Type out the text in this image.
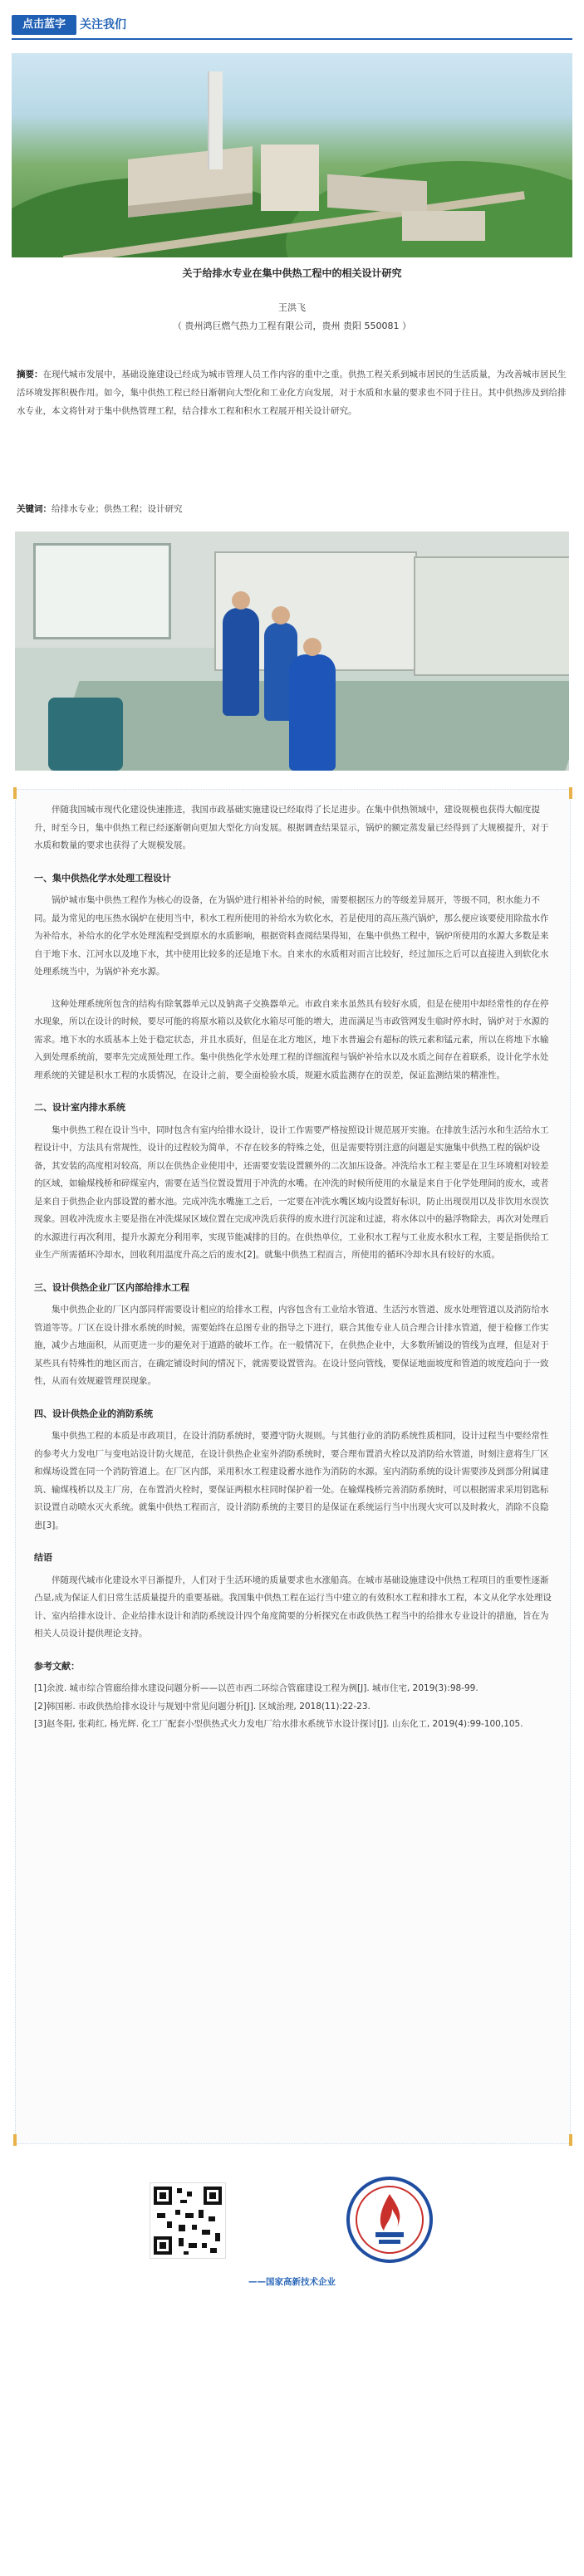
点击蓝字	关注我们
关于给排水专业在集中供热工程中的相关设计研究
王洪飞
（ 贵州鸿巨燃气热力工程有限公司，贵州 贵阳 550081 ）
摘要：在现代城市发展中，基础设施建设已经成为城市管理人员工作内容的重中之重。供热工程关系到城市居民的生活质量，为改善城市居民生活环境发挥积极作用。如今，集中供热工程已经日渐朝向大型化和工业化方向发展，对于水质和水量的要求也不同于往日。其中供热涉及到给排水专业，本文将针对于集中供热管理工程，结合排水工程和积水工程展开相关设计研究。
关键词：给排水专业；供热工程；设计研究

伴随我国城市现代化建设快速推进，我国市政基础实施建设已经取得了长足进步。在集中供热领域中，建设规模也获得大幅度提升，时至今日，集中供热工程已经逐渐朝向更加大型化方向发展。根据调查结果显示，锅炉的额定蒸发量已经得到了大规模提升，对于水质和数量的要求也获得了大规模发展。

一、集中供热化学水处理工程设计

锅炉城市集中供热工程作为核心的设备，在为锅炉进行相补补给的时候，需要根据压力的等级差异展开，等级不同，积水能力不同。最为常见的电压热水锅炉在使用当中，积水工程所使用的补给水为软化水，若是使用的高压蒸汽锅炉，那么便应该要使用除盐水作为补给水，补给水的化学水处理流程受到原水的水质影响，根据资料查阅结果得知，在集中供热工程中，锅炉所使用的水源大多数是来自于地下水、江河水以及地下水，其中使用比较多的还是地下水。自来水的水质相对而言比较好，经过加压之后可以直接进入到软化水处理系统当中，为锅炉补充水源。

这种处理系统所包含的结构有除氧器单元以及钠离子交换器单元。市政自来水虽然具有较好水质，但是在使用中却经常性的存在停水现象，所以在设计的时候，要尽可能的将原水箱以及软化水箱尽可能的增大，进而满足当市政管网发生临时停水时，锅炉对于水源的需求。地下水的水质基本上处于稳定状态，并且水质好，但是在北方地区，地下水普遍会有超标的铁元素和锰元素，所以在将地下水输入到处理系统前，要率先完成预处理工作。集中供热化学水处理工程的详细流程与锅炉补给水以及水质之间存在着联系，设计化学水处理系统的关键是积水工程的水质情况，在设计之前，要全面检验水质，规避水质监测存在的误差，保证监测结果的精准性。

二、设计室内排水系统

集中供热工程在设计当中，同时包含有室内给排水设计，设计工作需要严格按照设计规范展开实施。在排放生活污水和生活给水工程设计中，方法具有常规性，设计的过程较为简单，不存在较多的特殊之处，但是需要特别注意的问题是实施集中供热工程的锅炉设备，其安装的高度相对较高，所以在供热企业使用中，还需要安装设置额外的二次加压设备。冲洗给水工程主要是在卫生环境相对较差的区域，如输煤栈桥和碎煤室内，需要在适当位置设置用于冲洗的水嘴。在冲洗的时候所使用的水量是来自于化学处理间的废水，或者是来自于供热企业内部设置的蓄水池。完成冲洗水嘴施工之后，一定要在冲洗水嘴区域内设置好标识，防止出现误用以及非饮用水误饮现象。回收冲洗废水主要是指在冲洗煤尿区域位置在完成冲洗后获得的废水进行沉淀和过滤，将水体以中的悬浮物除去，再次对处理后的水源进行再次利用，提升水源充分利用率，实现节能减排的目的。在供热单位，工业积水工程与工业废水积水工程，主要是指供给工业生产所需循环冷却水，回收利用温度升高之后的废水[2]。就集中供热工程而言，所使用的循环冷却水具有较好的水质。

三、设计供热企业厂区内部给排水工程

集中供热企业的厂区内部同样需要设计相应的给排水工程，内容包含有工业给水管道、生活污水管道、废水处理管道以及消防给水管道等等。厂区在设计排水系统的时候，需要始终在总图专业的指导之下进行，联合其他专业人员合理合计排水管道，便于检修工作实施，减少占地面积，从而更进一步的避免对于道路的破坏工作。在一般情况下，在供热企业中，大多数所铺设的管线为直埋，但是对于某些具有特殊性的地区而言，在确定铺设时间的情况下，就需要设置管沟。在设计竖向管线，要保证地面坡度和管道的坡度趋向于一致性，从而有效规避管理误现象。

四、设计供热企业的消防系统

集中供热工程的本质是市政项目，在设计消防系统时，要遵守防火规则。与其他行业的消防系统性质相同，设计过程当中要经常性的参考火力发电厂与变电站设计防火规范，在设计供热企业室外消防系统时，要合理布置消火栓以及消防给水管道，时刻注意将生厂区和煤场设置在同一个消防管道上。在厂区内部，采用积水工程建设蓄水池作为消防的水源。室内消防系统的设计需要涉及到部分附属建筑、输煤栈桥以及主厂房，在布置消火栓时，要保证两根水柱同时保护着一处。在输煤栈桥完善消防系统时，可以根据需求采用钥匙标识设置自动喷水灭火系统。就集中供热工程而言，设计消防系统的主要目的是保证在系统运行当中出现火灾可以及时救火，消除不良隐患[3]。

结语

伴随现代城市化建设水平日渐提升，人们对于生活环境的质量要求也水涨船高。在城市基础设施建设中供热工程项目的重要性逐渐凸显,成为保证人们日常生活质量提升的重要基础。我国集中供热工程在运行当中建立的有效积水工程和排水工程，本文从化学水处理设计、室内给排水设计、企业给排水设计和消防系统设计四个角度简要的分析探究在市政供热工程当中的给排水专业设计的措施，旨在为相关人员设计提供理论支持。

参考文献：

[1]余波. 城市综合管廊给排水建设问题分析——以芭市西二环综合管廊建设工程为例[J]. 城市住宅, 2019(3):98-99.

[2]韩国彬. 市政供热给排水设计与规划中常见问题分析[J]. 区域治理, 2018(11):22-23.

[3]赵冬阳, 张莉红, 杨光辉. 化工厂配套小型供热式火力发电厂给水排水系统节水设计探讨[J]. 山东化工, 2019(4):99-100,105.

——国家高新技术企业
